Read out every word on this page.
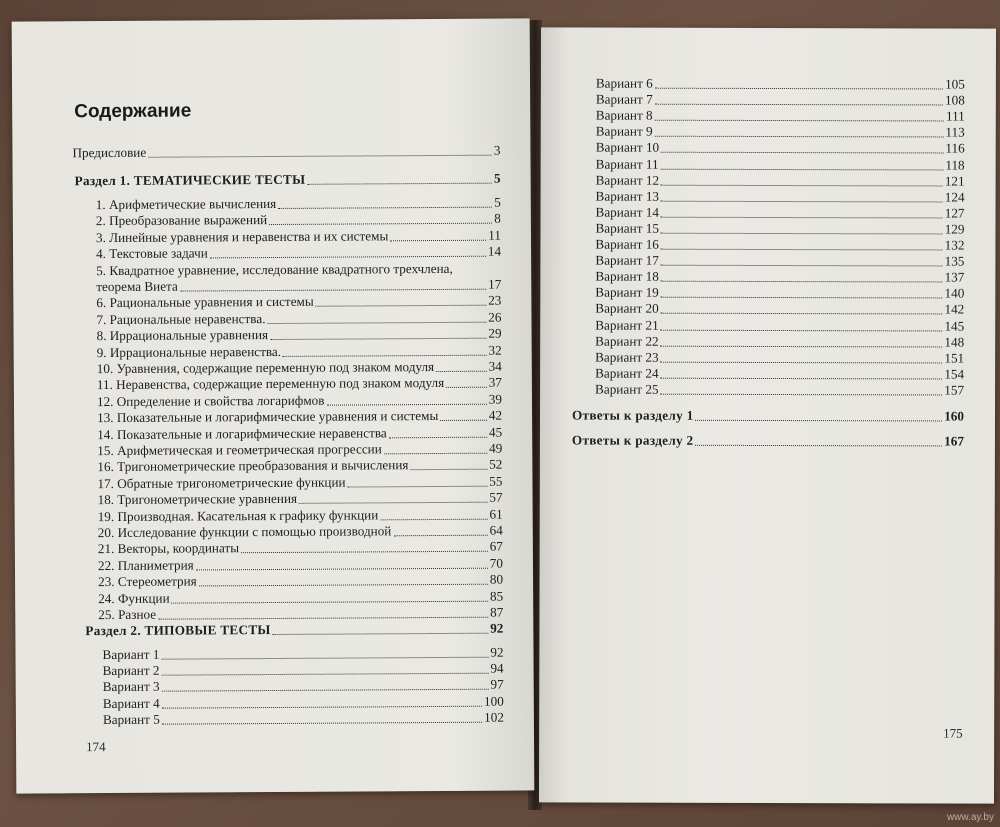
Содержание
Предисловие	3
Раздел 1. ТЕМАТИЧЕСКИЕ ТЕСТЫ	5
1. Арифметические вычисления	5
2. Преобразование выражений	8
3. Линейные уравнения и неравенства и их системы	11
4. Текстовые задачи	14
5. Квадратное уравнение, исследование квадратного трехчлена,
теорема Виета	17
6. Рациональные уравнения и системы	23
7. Рациональные неравенства.	26
8. Иррациональные уравнения	29
9. Иррациональные неравенства.	32
10. Уравнения, содержащие переменную под знаком модуля	34
11. Неравенства, содержащие переменную под знаком модуля	37
12. Определение и свойства логарифмов	39
13. Показательные и логарифмические уравнения и системы	42
14. Показательные и логарифмические неравенства	45
15. Арифметическая и геометрическая прогрессии	49
16. Тригонометрические преобразования и вычисления	52
17. Обратные тригонометрические функции	55
18. Тригонометрические уравнения	57
19. Производная. Касательная к графику функции	61
20. Исследование функции с помощью производной	64
21. Векторы, координаты	67
22. Планиметрия	70
23. Стереометрия	80
24. Функции	85
25. Разное	87
Раздел 2. ТИПОВЫЕ ТЕСТЫ	92
Вариант 1	92
Вариант 2	94
Вариант 3	97
Вариант 4	100
Вариант 5	102
174
Вариант 6	105
Вариант 7	108
Вариант 8	111
Вариант 9	113
Вариант 10	116
Вариант 11	118
Вариант 12	121
Вариант 13	124
Вариант 14	127
Вариант 15	129
Вариант 16	132
Вариант 17	135
Вариант 18	137
Вариант 19	140
Вариант 20	142
Вариант 21	145
Вариант 22	148
Вариант 23	151
Вариант 24	154
Вариант 25	157
Ответы к разделу 1	160
Ответы к разделу 2	167
175
www.ay.by
